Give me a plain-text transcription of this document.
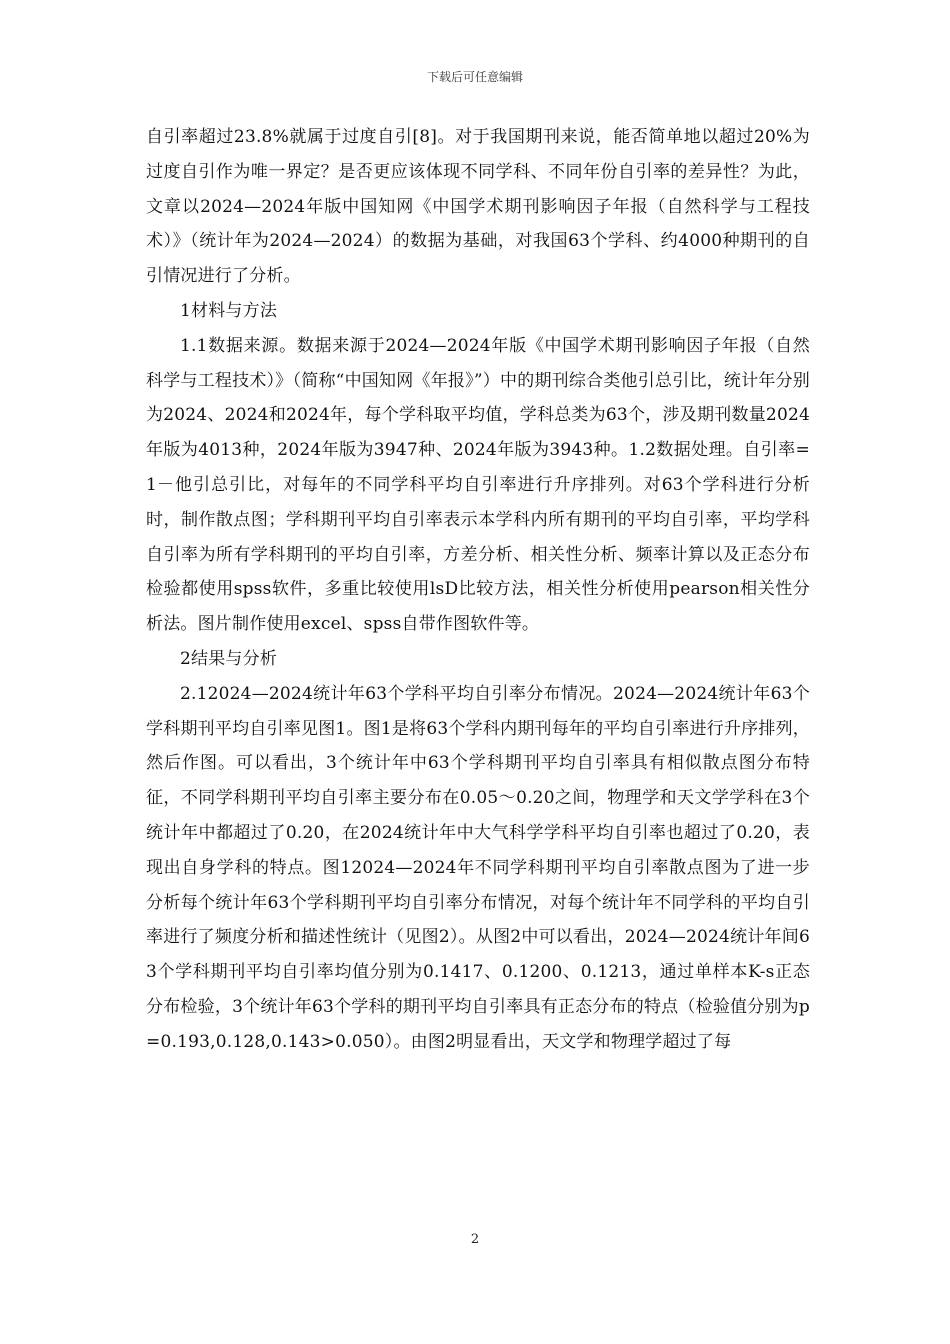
下载后可任意编辑

自引率超过23.8%就属于过度自引[8]。对于我国期刊来说，能否简单地以超过20%为过度自引作为唯一界定？是否更应该体现不同学科、不同年份自引率的差异性？为此，文章以2024—2024年版中国知网《中国学术期刊影响因子年报（自然科学与工程技术）》（统计年为2024—2024）的数据为基础，对我国63个学科、约4000种期刊的自引情况进行了分析。

1材料与方法

1.1数据来源。数据来源于2024—2024年版《中国学术期刊影响因子年报（自然科学与工程技术）》（简称“中国知网《年报》”）中的期刊综合类他引总引比，统计年分别为2024、2024和2024年，每个学科取平均值，学科总类为63个，涉及期刊数量2024年版为4013种，2024年版为3947种、2024年版为3943种。1.2数据处理。自引率=1－他引总引比，对每年的不同学科平均自引率进行升序排列。对63个学科进行分析时，制作散点图；学科期刊平均自引率表示本学科内所有期刊的平均自引率，平均学科自引率为所有学科期刊的平均自引率，方差分析、相关性分析、频率计算以及正态分布检验都使用spss软件，多重比较使用lsD比较方法，相关性分析使用pearson相关性分析法。图片制作使用excel、spss自带作图软件等。

2结果与分析

2.12024—2024统计年63个学科平均自引率分布情况。2024—2024统计年63个学科期刊平均自引率见图1。图1是将63个学科内期刊每年的平均自引率进行升序排列，然后作图。可以看出，3个统计年中63个学科期刊平均自引率具有相似散点图分布特征，不同学科期刊平均自引率主要分布在0.05～0.20之间，物理学和天文学学科在3个统计年中都超过了0.20，在2024统计年中大气科学学科平均自引率也超过了0.20，表现出自身学科的特点。图12024—2024年不同学科期刊平均自引率散点图为了进一步分析每个统计年63个学科期刊平均自引率分布情况，对每个统计年不同学科的平均自引率进行了频度分析和描述性统计（见图2）。从图2中可以看出，2024—2024统计年间63个学科期刊平均自引率均值分别为0.1417、0.1200、0.1213，通过单样本K-s正态分布检验，3个统计年63个学科的期刊平均自引率具有正态分布的特点（检验值分别为p=0.193,0.128,0.143>0.050）。由图2明显看出，天文学和物理学超过了每

2
